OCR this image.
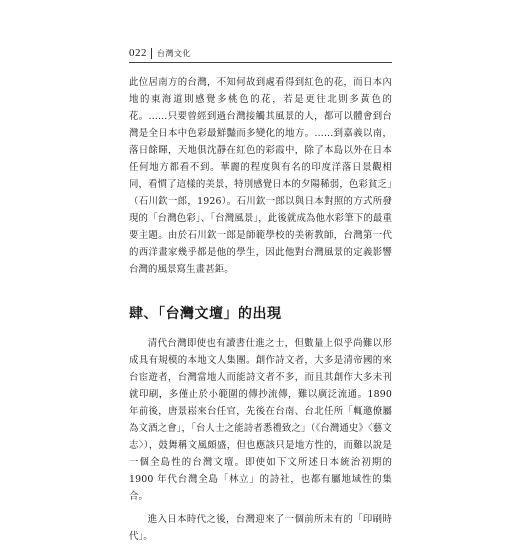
022 台灣文化

此位居南方的台灣，不知何故到處看得到紅色的花，而日本內地的東海道則感覺多桃色的花，若是更往北則多黃色的花。……只要曾經到過台灣接觸其風景的人，都可以體會到台灣是全日本中色彩最鮮豔而多變化的地方。……到嘉義以南，落日餘暉，天地俱沈靜在紅色的彩霞中，除了本島以外在日本任何地方都看不到。華麗的程度與有名的印度洋落日景觀相同，看慣了這樣的美景，特別感覺日本的夕陽稀弱，色彩貧乏」（石川欽一郎，1926）。石川欽一郎以與日本對照的方式所發現的「台灣色彩」、「台灣風景」，此後就成為他水彩筆下的最重要主題。由於石川欽一郎是師範學校的美術教師，台灣第一代的西洋畫家幾乎都是他的學生，因此他對台灣風景的定義影響台灣的風景寫生畫甚鉅。

肆、「台灣文壇」的出現

清代台灣即使也有讀書仕進之士，但數量上似乎尚難以形成具有規模的本地文人集團。創作詩文者，大多是清帝國的來台宦遊者，台灣當地人而能詩文者不多，而且其創作大多未刊就印刷，多僅止於小範圍的傳抄流傳，難以廣泛流通。1890 年前後，唐景崧來台任官，先後在台南、台北任所「輒邀僚屬為文酒之會」，「台人士之能詩者悉禮致之」（《台灣通史》〈藝文志〉），鼓舞稱文風頗盛，但也應該只是地方性的，而難以說是一個全島性的台灣文壇。即使如下文所述日本統治初期的 1900 年代台灣全島「林立」的詩社，也都有屬地域性的集合。

進入日本時代之後，台灣迎來了一個前所未有的「印刷時代」。
